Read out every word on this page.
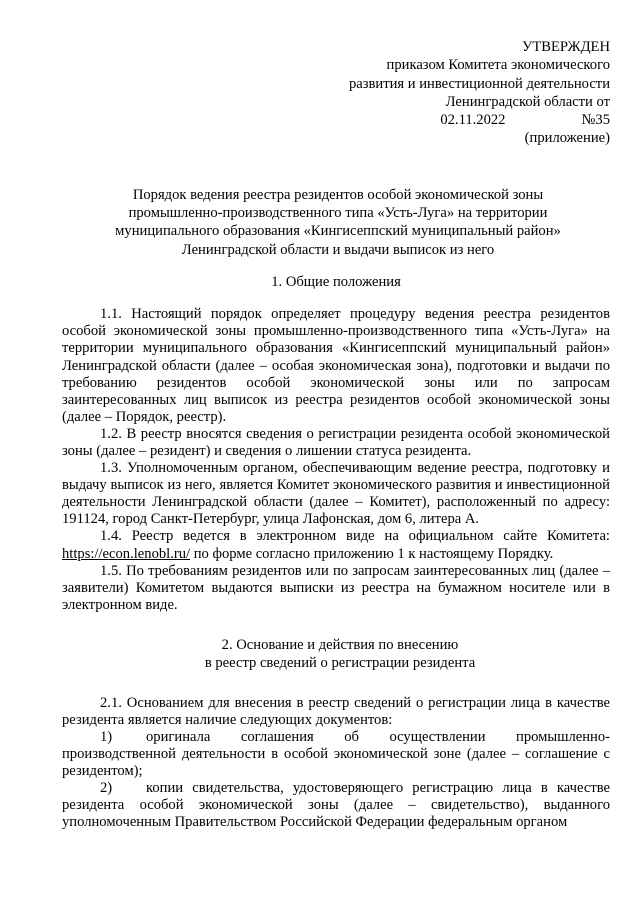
УТВЕРЖДЕН
приказом Комитета экономического
развития и инвестиционной деятельности
Ленинградской области от
02.11.2022	№35
(приложение)
Порядок ведения реестра резидентов особой экономической зоны
промышленно-производственного типа «Усть-Луга» на территории
муниципального образования «Кингисеппский муниципальный район»
Ленинградской области и выдачи выписок из него
1. Общие положения

1.1. Настоящий порядок определяет процедуру ведения реестра резидентов особой экономической зоны промышленно-производственного типа «Усть-Луга» на территории муниципального образования «Кингисеппский муниципальный район» Ленинградской области (далее – особая экономическая зона), подготовки и выдачи по требованию резидентов особой экономической зоны или по запросам заинтересованных лиц выписок из реестра резидентов особой экономической зоны (далее – Порядок, реестр).

1.2. В реестр вносятся сведения о регистрации резидента особой экономической зоны (далее – резидент) и сведения о лишении статуса резидента.

1.3. Уполномоченным органом, обеспечивающим ведение реестра, подготовку и выдачу выписок из него, является Комитет экономического развития и инвестиционной деятельности Ленинградской области (далее – Комитет), расположенный по адресу: 191124, город Санкт-Петербург, улица Лафонская, дом 6, литера А.

1.4. Реестр ведется в электронном виде на официальном сайте Комитета: https://econ.lenobl.ru/ по форме согласно приложению 1 к настоящему Порядку.

1.5. По требованиям резидентов или по запросам заинтересованных лиц (далее – заявители) Комитетом выдаются выписки из реестра на бумажном носителе или в электронном виде.

2. Основание и действия по внесению
в реестр сведений о регистрации резидента

2.1. Основанием для внесения в реестр сведений о регистрации лица в качестве резидента является наличие следующих документов:

1) оригинала соглашения об осуществлении промышленно-производственной деятельности в особой экономической зоне (далее – соглашение с резидентом);

2) копии свидетельства, удостоверяющего регистрацию лица в качестве резидента особой экономической зоны (далее – свидетельство), выданного уполномоченным Правительством Российской Федерации федеральным органом
